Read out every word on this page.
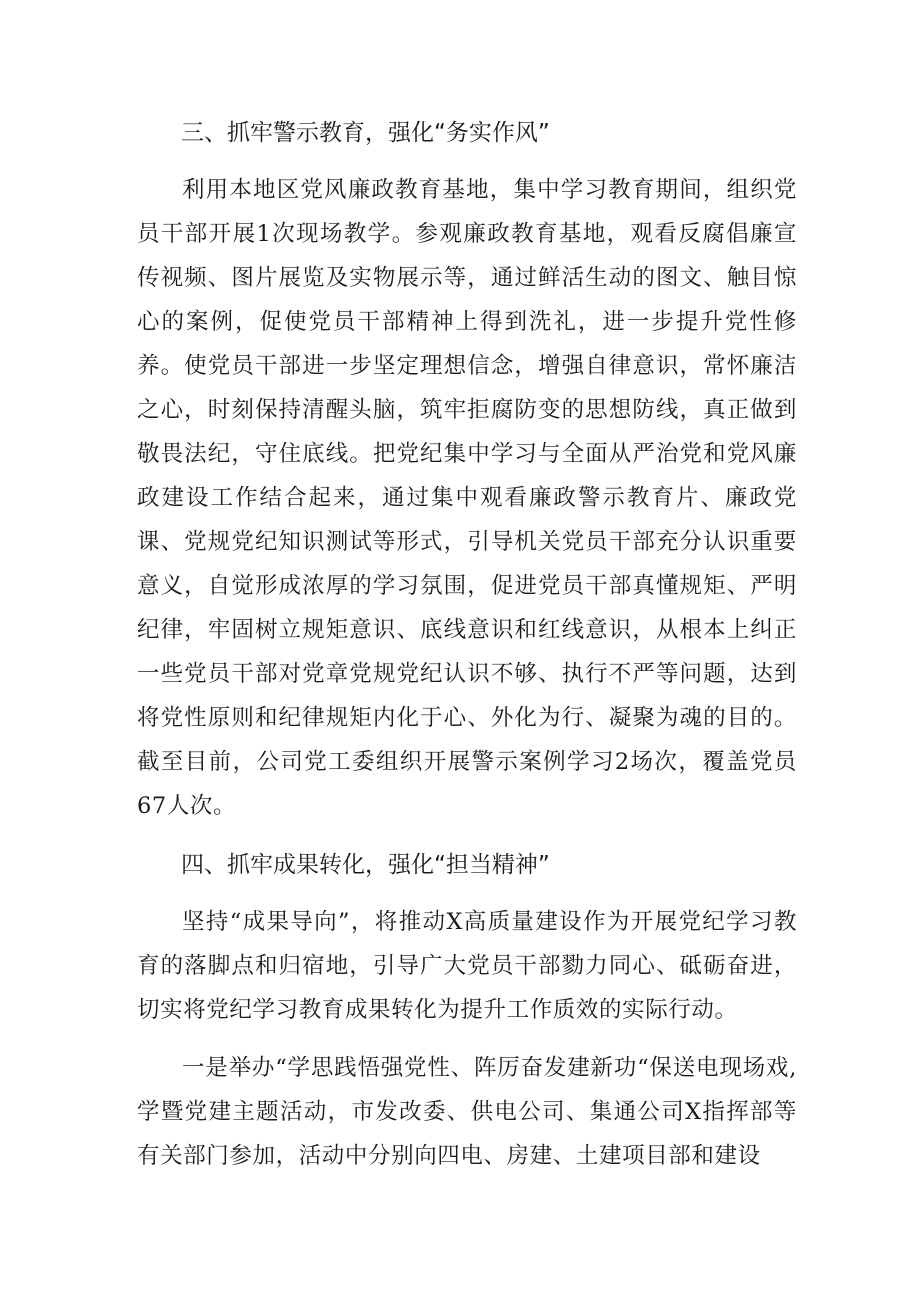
三、抓牢警示教育，强化“务实作风”
利用本地区党风廉政教育基地，集中学习教育期间，组织党员干部开展1次现场教学。参观廉政教育基地，观看反腐倡廉宣传视频、图片展览及实物展示等，通过鲜活生动的图文、触目惊心的案例，促使党员干部精神上得到洗礼，进一步提升党性修养。使党员干部进一步坚定理想信念，增强自律意识，常怀廉洁之心，时刻保持清醒头脑，筑牢拒腐防变的思想防线，真正做到敬畏法纪，守住底线。把党纪集中学习与全面从严治党和党风廉政建设工作结合起来，通过集中观看廉政警示教育片、廉政党课、党规党纪知识测试等形式，引导机关党员干部充分认识重要意义，自觉形成浓厚的学习氛围，促进党员干部真懂规矩、严明纪律，牢固树立规矩意识、底线意识和红线意识，从根本上纠正一些党员干部对党章党规党纪认识不够、执行不严等问题，达到将党性原则和纪律规矩内化于心、外化为行、凝聚为魂的目的。截至目前，公司党工委组织开展警示案例学习2场次，覆盖党员67人次。
四、抓牢成果转化，强化“担当精神”
坚持“成果导向”，将推动X高质量建设作为开展党纪学习教育的落脚点和归宿地，引导广大党员干部勠力同心、砥砺奋进，切实将党纪学习教育成果转化为提升工作质效的实际行动。
一是举办“学思践悟强党性、阵厉奋发建新功“保送电现场戏,学暨党建主题活动，市发改委、供电公司、集通公司X指挥部等有关部门参加，活动中分别向四电、房建、土建项目部和建设
